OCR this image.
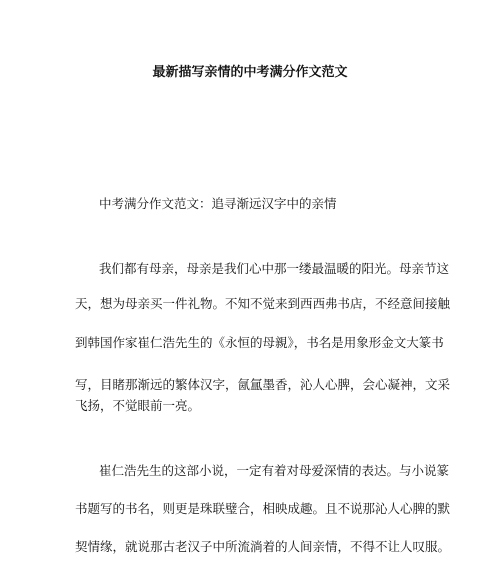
最新描写亲情的中考满分作文范文
中考满分作文范文：追寻渐远汉字中的亲情
我们都有母亲，母亲是我们心中那一缕最温暖的阳光。母亲节这
天，想为母亲买一件礼物。不知不觉来到西西弗书店，不经意间接触
到韩国作家崔仁浩先生的《永恒的母親》，书名是用象形金文大篆书
写，目睹那渐远的繁体汉字，氤氲墨香，沁人心脾，会心凝神，文采
飞扬，不觉眼前一亮。
崔仁浩先生的这部小说，一定有着对母爱深情的表达。与小说篆
书题写的书名，则更是珠联璧合，相映成趣。且不说那沁人心脾的默
契情缘，就说那古老汉子中所流淌着的人间亲情，不得不让人叹服。
